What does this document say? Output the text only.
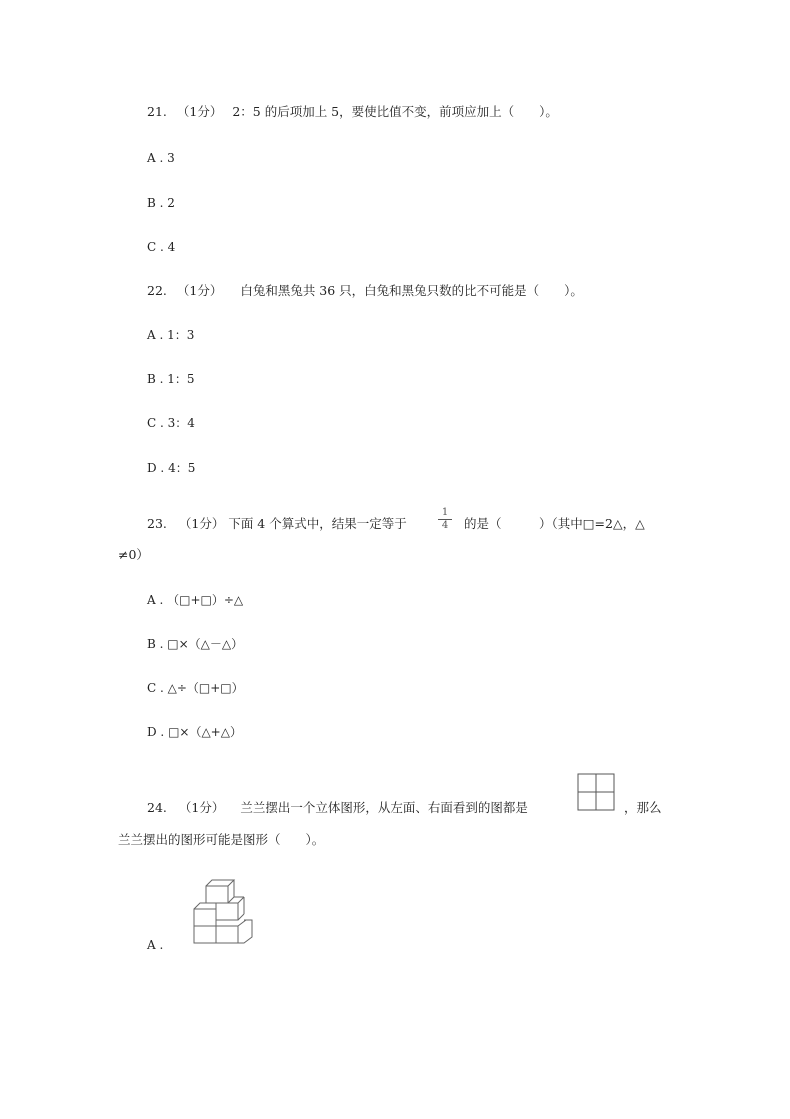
21. （1分） 2：5 的后项加上 5，要使比值不变，前项应加上（　　）。
A . 3
B . 2
C . 4
22. （1分） 白兔和黑兔共 36 只，白兔和黑兔只数的比不可能是（　　）。
A . 1：3
B . 1：5
C . 3：4
D . 4：5
23. （1分） 下面 4 个算式中，结果一定等于
1
4	的是（　　　）（其中□=2△，△
≠0）
A . （□+□）÷△
B . □×（△－△）
C . △÷（□+□）
D . □×（△+△）
24. （1分） 兰兰摆出一个立体图形，从左面、右面看到的图都是	，那么
兰兰摆出的图形可能是图形（　　）。
A .
